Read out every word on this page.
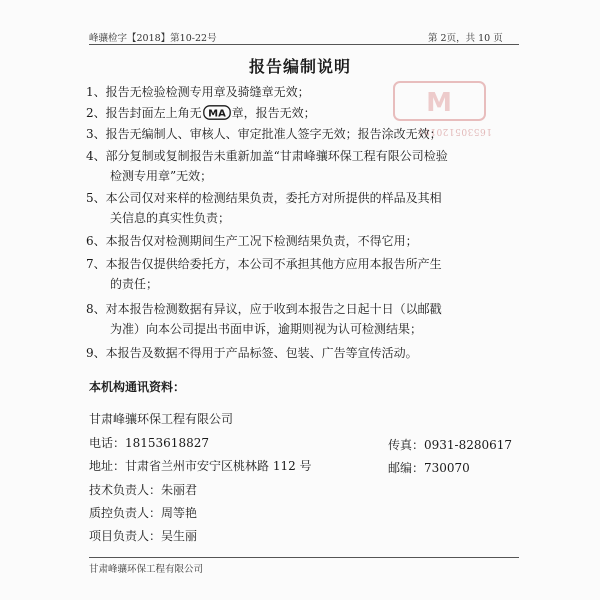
峰骧检字【2018】第10-22号	第 2页，共 10 页
M
165305120181
报告编制说明
1、报告无检验检测专用章及骑缝章无效；
2、报告封面左上角无 MA 章，报告无效；
3、报告无编制人、审核人、审定批准人签字无效；报告涂改无效；
4、部分复制或复制报告未重新加盖“甘肃峰骧环保工程有限公司检验
检测专用章”无效；
5、本公司仅对来样的检测结果负责，委托方对所提供的样品及其相
关信息的真实性负责；
6、本报告仅对检测期间生产工况下检测结果负责，不得它用；
7、本报告仅提供给委托方，本公司不承担其他方应用本报告所产生
的责任；
8、对本报告检测数据有异议，应于收到本报告之日起十日（以邮戳
为准）向本公司提出书面申诉，逾期则视为认可检测结果；
9、本报告及数据不得用于产品标签、包装、广告等宣传活动。
本机构通讯资料：
甘肃峰骧环保工程有限公司
电话：18153618827	传真：0931-8280617
地址：甘肃省兰州市安宁区桃林路 112 号	邮编：730070
技术负责人：朱丽君
质控负责人：周等艳
项目负责人：吴生丽
甘肃峰骧环保工程有限公司
